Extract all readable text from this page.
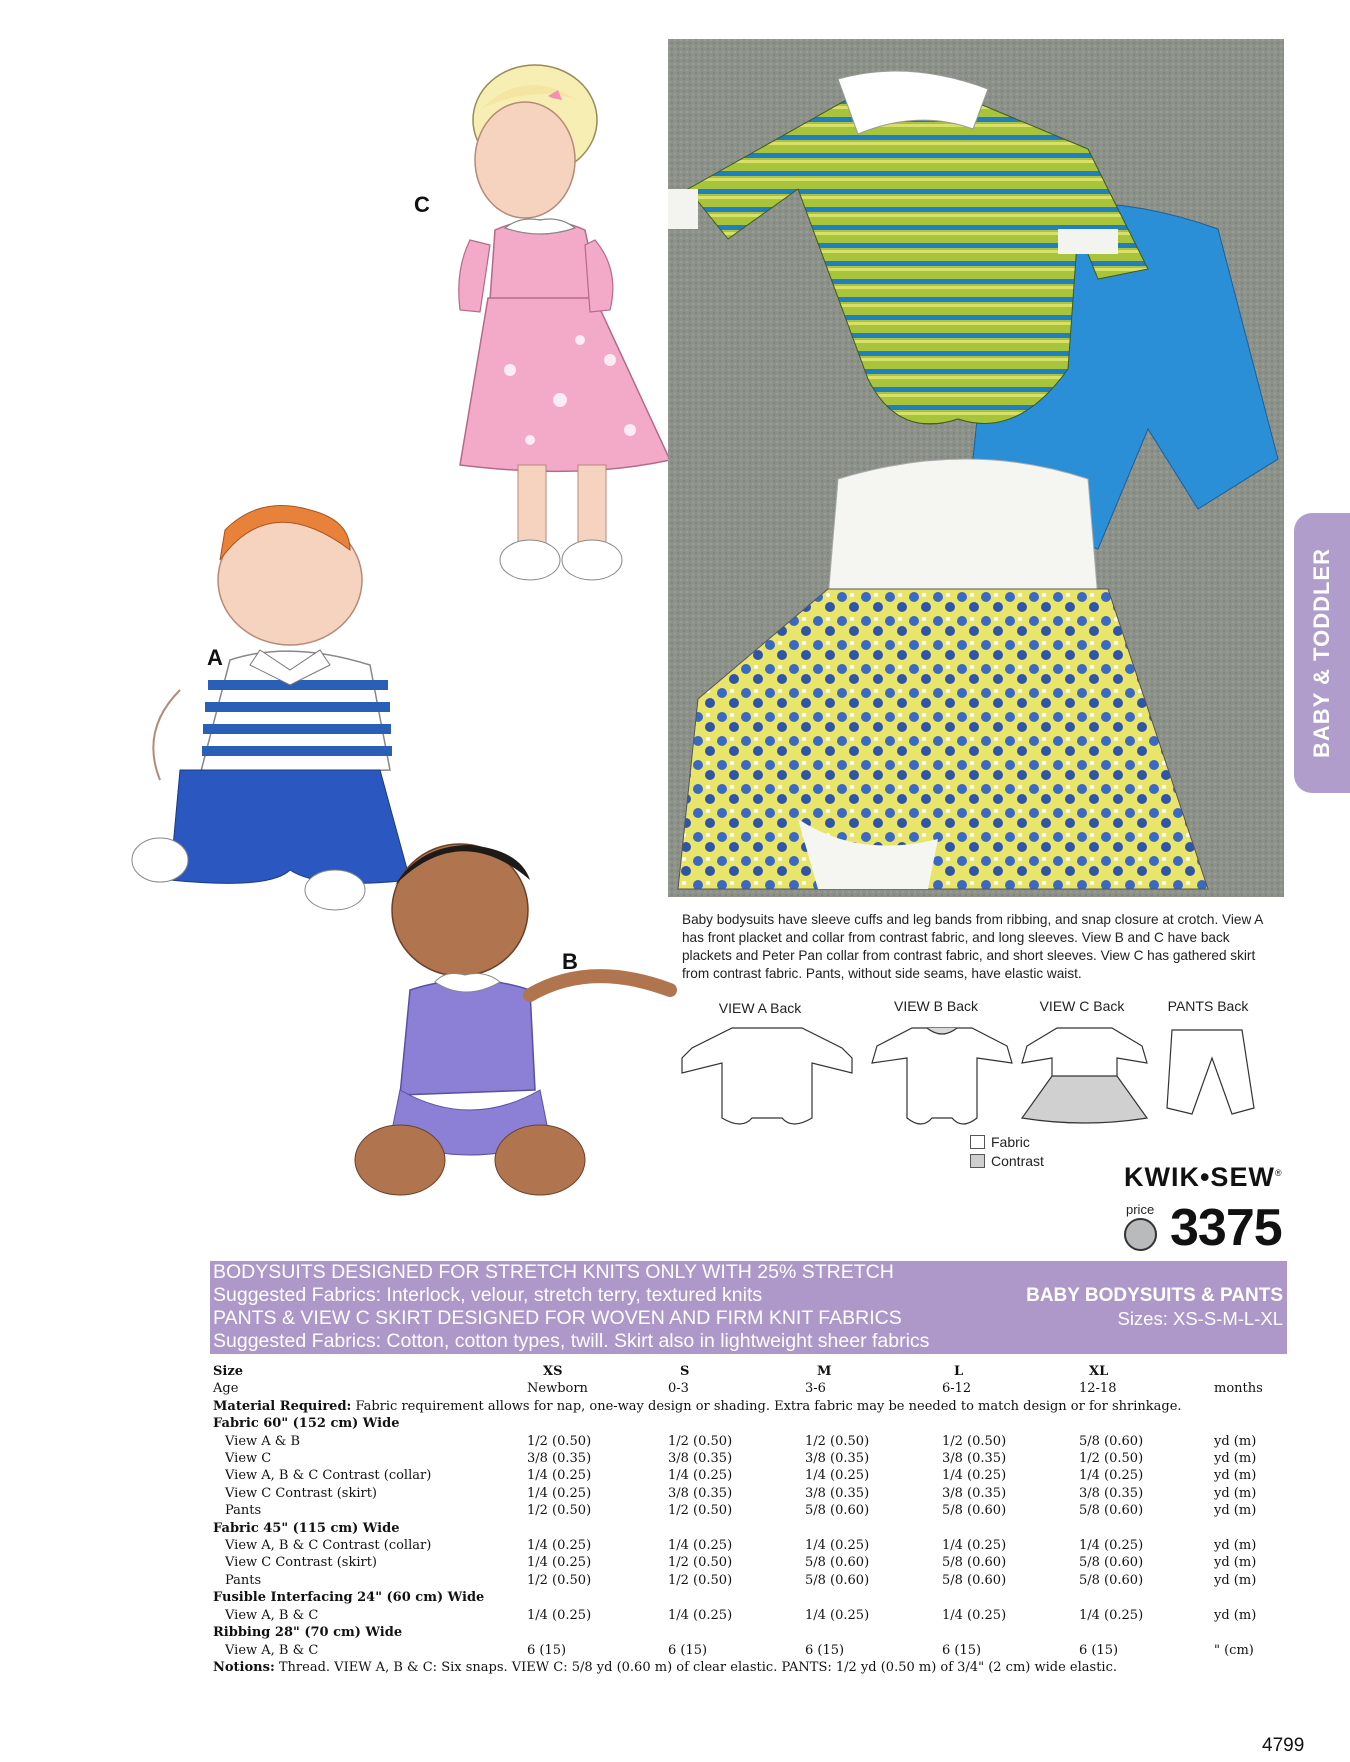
C
A
B
BABY & TODDLER
Baby bodysuits have sleeve cuffs and leg bands from ribbing, and snap closure at crotch. View A has front placket and collar from contrast fabric, and long sleeves. View B and C have back plackets and Peter Pan collar from contrast fabric, and short sleeves. View C has gathered skirt from contrast fabric. Pants, without side seams, have elastic waist.
VIEW A Back	VIEW B Back	VIEW C Back	PANTS Back
Fabric
Contrast
KWIK•SEW®
price 3375
BODYSUITS DESIGNED FOR STRETCH KNITS ONLY WITH 25% STRETCH
Suggested Fabrics: Interlock, velour, stretch terry, textured knits
PANTS & VIEW C SKIRT DESIGNED FOR WOVEN AND FIRM KNIT FABRICS
Suggested Fabrics: Cotton, cotton types, twill. Skirt also in lightweight sheer fabrics
BABY BODYSUITS & PANTS
Sizes: XS-S-M-L-XL
Size	XS	S	M	L	XL	
Age	Newborn	0-3	3-6	6-12	12-18	months
Material Required: Fabric requirement allows for nap, one-way design or shading. Extra fabric may be needed to match design or for shrinkage.						
Fabric 60" (152 cm) Wide						
View A & B	1/2 (0.50)	1/2 (0.50)	1/2 (0.50)	1/2 (0.50)	5/8 (0.60)	yd (m)
View C	3/8 (0.35)	3/8 (0.35)	3/8 (0.35)	3/8 (0.35)	1/2 (0.50)	yd (m)
View A, B & C Contrast (collar)	1/4 (0.25)	1/4 (0.25)	1/4 (0.25)	1/4 (0.25)	1/4 (0.25)	yd (m)
View C Contrast (skirt)	1/4 (0.25)	3/8 (0.35)	3/8 (0.35)	3/8 (0.35)	3/8 (0.35)	yd (m)
Pants	1/2 (0.50)	1/2 (0.50)	5/8 (0.60)	5/8 (0.60)	5/8 (0.60)	yd (m)
Fabric 45" (115 cm) Wide						
View A, B & C Contrast (collar)	1/4 (0.25)	1/4 (0.25)	1/4 (0.25)	1/4 (0.25)	1/4 (0.25)	yd (m)
View C Contrast (skirt)	1/4 (0.25)	1/2 (0.50)	5/8 (0.60)	5/8 (0.60)	5/8 (0.60)	yd (m)
Pants	1/2 (0.50)	1/2 (0.50)	5/8 (0.60)	5/8 (0.60)	5/8 (0.60)	yd (m)
Fusible Interfacing 24" (60 cm) Wide						
View A, B & C	1/4 (0.25)	1/4 (0.25)	1/4 (0.25)	1/4 (0.25)	1/4 (0.25)	yd (m)
Ribbing 28" (70 cm) Wide						
View A, B & C	6 (15)	6 (15)	6 (15)	6 (15)	6 (15)	" (cm)
Notions: Thread. VIEW A, B & C: Six snaps. VIEW C: 5/8 yd (0.60 m) of clear elastic. PANTS: 1/2 yd (0.50 m) of 3/4" (2 cm) wide elastic.						
4799
